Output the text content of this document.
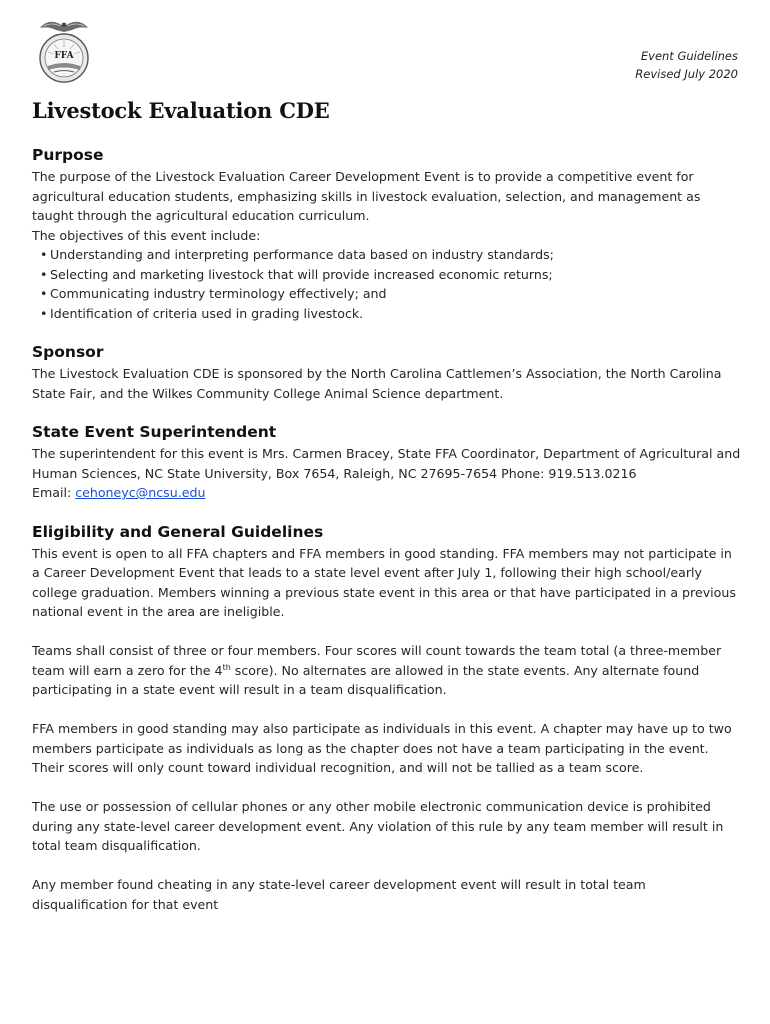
FFA	Event Guidelines
Revised July 2020
Livestock Evaluation CDE
Purpose

The purpose of the Livestock Evaluation Career Development Event is to provide a competitive event for agricultural education students, emphasizing skills in livestock evaluation, selection, and management as taught through the agricultural education curriculum.

The objectives of this event include:

• Understanding and interpreting performance data based on industry standards;
• Selecting and marketing livestock that will provide increased economic returns;
• Communicating industry terminology effectively; and
• Identification of criteria used in grading livestock.
Sponsor

The Livestock Evaluation CDE is sponsored by the North Carolina Cattlemen’s Association, the North Carolina State Fair, and the Wilkes Community College Animal Science department.

State Event Superintendent

The superintendent for this event is Mrs. Carmen Bracey, State FFA Coordinator, Department of Agricultural and Human Sciences, NC State University, Box 7654, Raleigh, NC 27695-7654 Phone: 919.513.0216

Email: cehoneyc@ncsu.edu

Eligibility and General Guidelines

This event is open to all FFA chapters and FFA members in good standing. FFA members may not participate in a Career Development Event that leads to a state level event after July 1, following their high school/early college graduation. Members winning a previous state event in this area or that have participated in a previous national event in the area are ineligible.

Teams shall consist of three or four members. Four scores will count towards the team total (a three-member team will earn a zero for the 4th score). No alternates are allowed in the state events. Any alternate found participating in a state event will result in a team disqualification.

FFA members in good standing may also participate as individuals in this event. A chapter may have up to two members participate as individuals as long as the chapter does not have a team participating in the event. Their scores will only count toward individual recognition, and will not be tallied as a team score.

The use or possession of cellular phones or any other mobile electronic communication device is prohibited during any state-level career development event. Any violation of this rule by any team member will result in total team disqualification.

Any member found cheating in any state-level career development event will result in total team disqualification for that event
